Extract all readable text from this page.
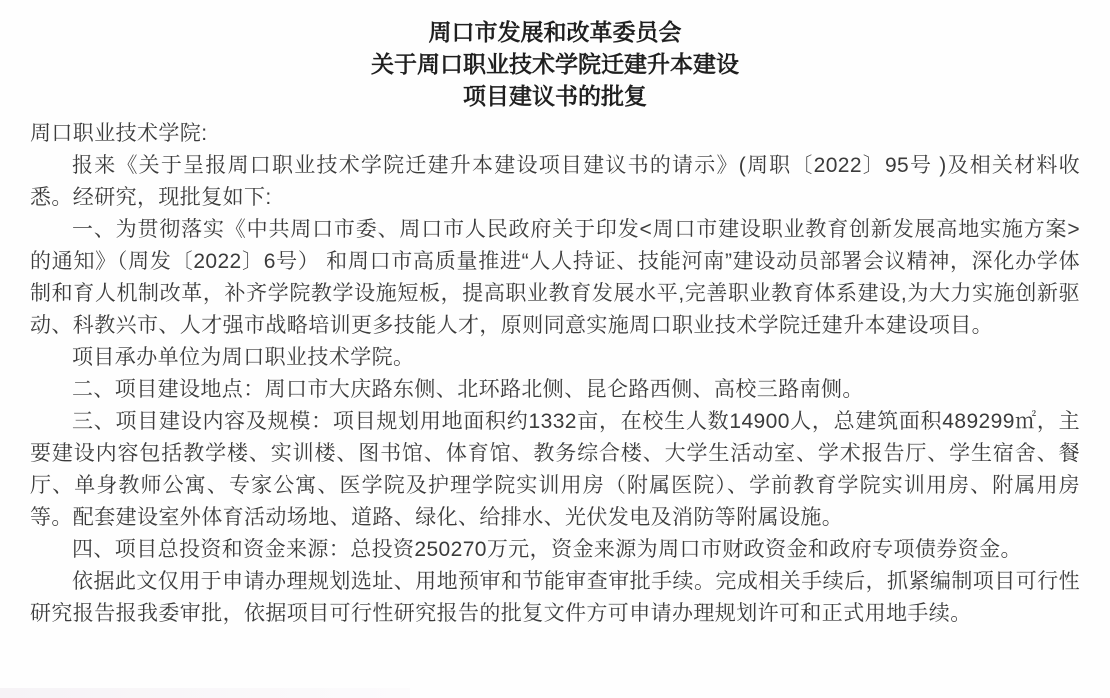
周口市发展和改革委员会
关于周口职业技术学院迁建升本建设
项目建议书的批复

周口职业技术学院:

报来《关于呈报周口职业技术学院迁建升本建设项目建议书的请示》(周职〔2022〕95号 )及相关材料收悉。经研究，现批复如下:

一、为贯彻落实《中共周口市委、周口市人民政府关于印发<周口市建设职业教育创新发展高地实施方案>的通知》（周发〔2022〕6号） 和周口市高质量推进“人人持证、技能河南”建设动员部署会议精神，深化办学体制和育人机制改革，补齐学院教学设施短板，提高职业教育发展水平,完善职业教育体系建设,为大力实施创新驱动、科教兴市、人才强市战略培训更多技能人才，原则同意实施周口职业技术学院迁建升本建设项目。

项目承办单位为周口职业技术学院。

二、项目建设地点：周口市大庆路东侧、北环路北侧、昆仑路西侧、高校三路南侧。

三、项目建设内容及规模：项目规划用地面积约1332亩，在校生人数14900人，总建筑面积489299㎡，主要建设内容包括教学楼、实训楼、图书馆、体育馆、教务综合楼、大学生活动室、学术报告厅、学生宿舍、餐厅、单身教师公寓、专家公寓、医学院及护理学院实训用房（附属医院）、学前教育学院实训用房、附属用房等。配套建设室外体育活动场地、道路、绿化、给排水、光伏发电及消防等附属设施。

四、项目总投资和资金来源：总投资250270万元，资金来源为周口市财政资金和政府专项债券资金。

依据此文仅用于申请办理规划选址、用地预审和节能审查审批手续。完成相关手续后，抓紧编制项目可行性研究报告报我委审批，依据项目可行性研究报告的批复文件方可申请办理规划许可和正式用地手续。
